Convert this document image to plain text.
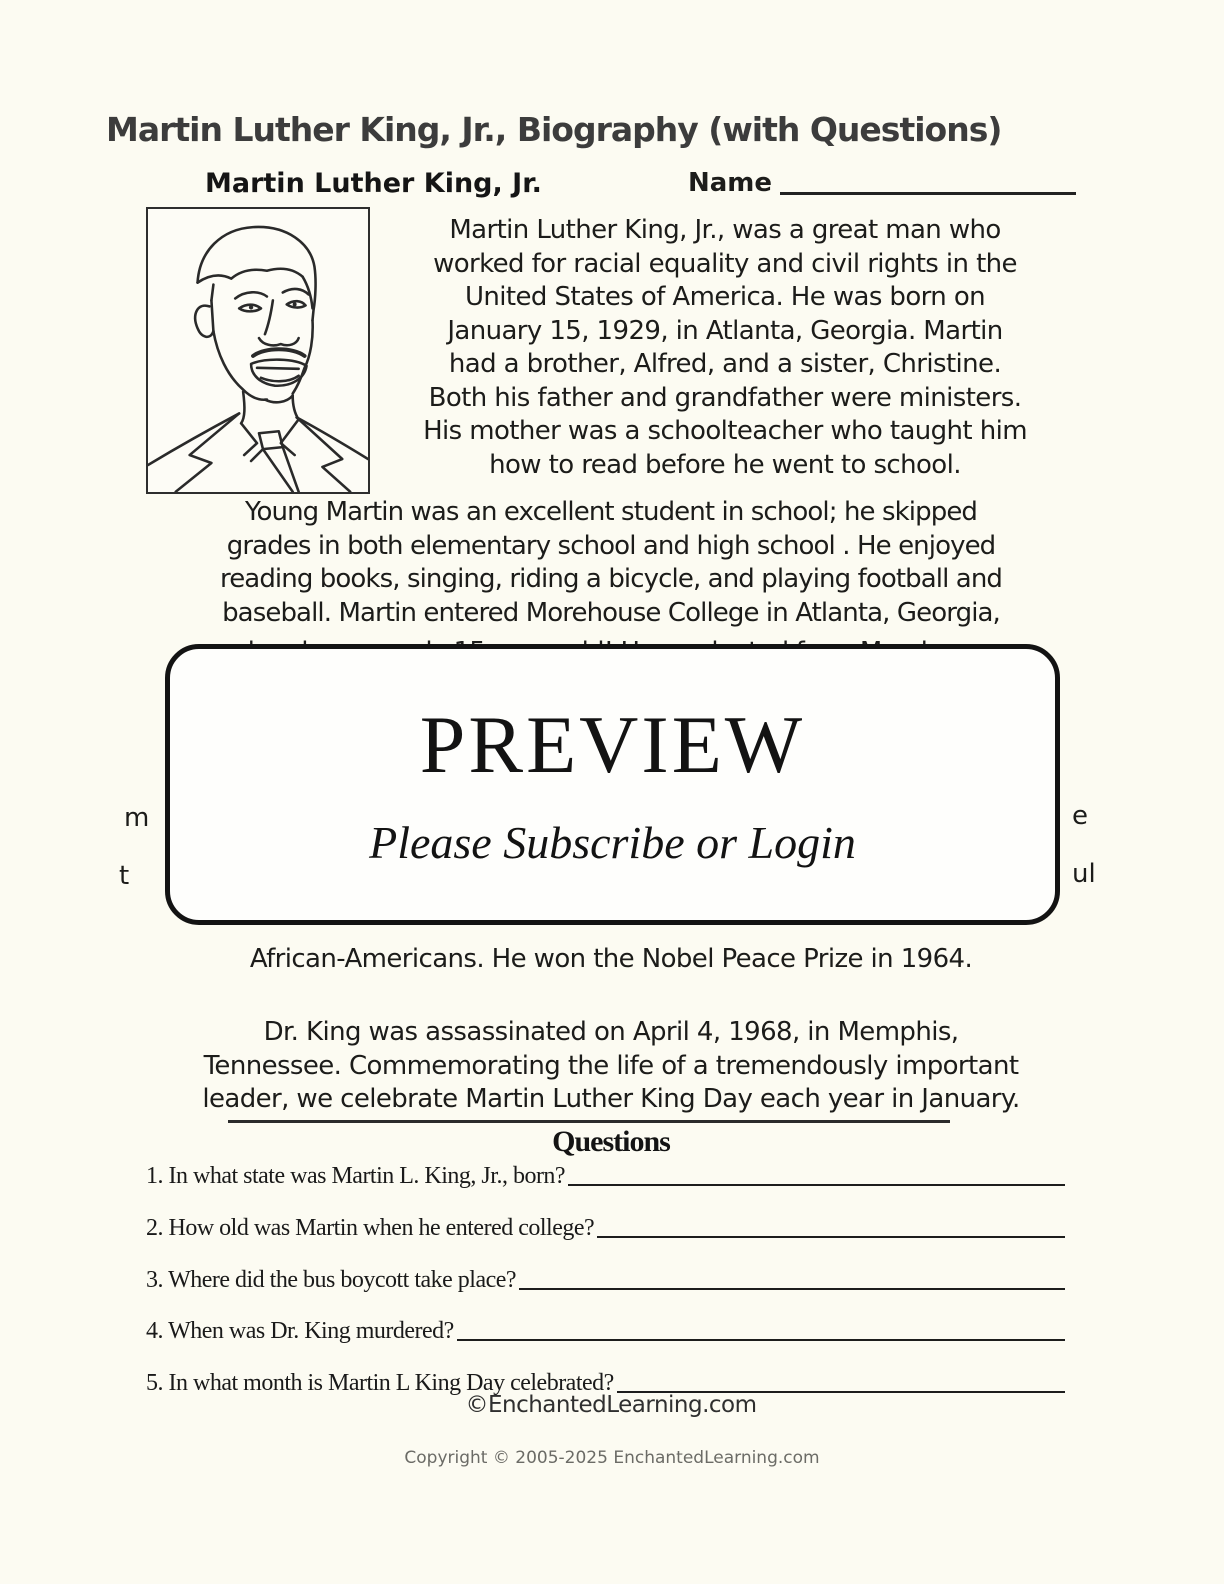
Martin Luther King, Jr., Biography (with Questions)
Martin Luther King, Jr.	Name
Martin Luther King, Jr., was a great man who
worked for racial equality and civil rights in the
United States of America. He was born on
January 15, 1929, in Atlanta, Georgia. Martin
had a brother, Alfred, and a sister, Christine.
Both his father and grandfather were ministers.
His mother was a schoolteacher who taught him
how to read before he went to school.
Young Martin was an excellent student in school; he skipped
grades in both elementary school and high school . He enjoyed
reading books, singing, riding a bicycle, and playing football and
baseball. Martin entered Morehouse College in Atlanta, Georgia,
m
t
e
ul
PREVIEW
Please Subscribe or Login
African-Americans. He won the Nobel Peace Prize in 1964.
Dr. King was assassinated on April 4, 1968, in Memphis,
Tennessee. Commemorating the life of a tremendously important
leader, we celebrate Martin Luther King Day each year in January.
Questions
1. In what state was Martin L. King, Jr., born?
2. How old was Martin when he entered college?
3. Where did the bus boycott take place?
4. When was Dr. King murdered?
5. In what month is Martin L King Day celebrated?
©EnchantedLearning.com
Copyright © 2005-2025 EnchantedLearning.com
